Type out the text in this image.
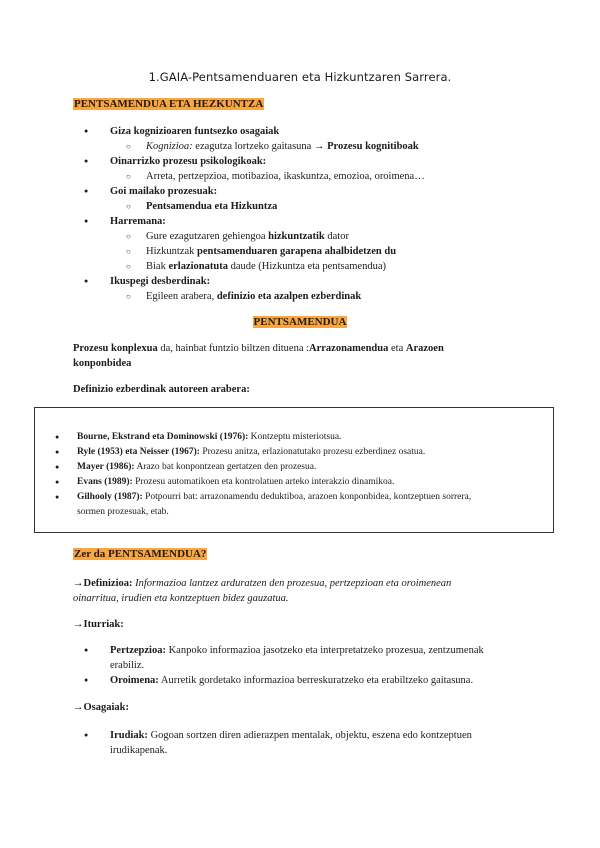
1.GAIA-Pentsamenduaren eta Hizkuntzaren Sarrera.
PENTSAMENDUA ETA HEZKUNTZA
● Giza kognizioaren funtsezko osagaiak
○ Kognizioa: ezagutza lortzeko gaitasuna → Prozesu kognitiboak
● Oinarrizko prozesu psikologikoak:
○ Arreta, pertzepzioa, motibazioa, ikaskuntza, emozioa, oroimena…
● Goi mailako prozesuak:
○ Pentsamendua eta Hizkuntza
● Harremana:
○ Gure ezagutzaren gehiengoa hizkuntzatik dator
○ Hizkuntzak pentsamenduaren garapena ahalbidetzen du
○ Biak erlazionatuta daude (Hizkuntza eta pentsamendua)
● Ikuspegi desberdinak:
○ Egileen arabera, definizio eta azalpen ezberdinak
PENTSAMENDUA
Prozesu konplexua da, hainbat funtzio biltzen dituena :Arrazonamendua eta Arazoen
konponbidea
Definizio ezberdinak autoreen arabera:
● Bourne, Ekstrand eta Dominowski (1976): Kontzeptu misteriotsua.
● Ryle (1953) eta Neisser (1967): Prozesu anitza, erlazionatutako prozesu ezberdinez osatua.
● Mayer (1986): Arazo bat konpontzean gertatzen den prozesua.
● Evans (1989): Prozesu automatikoen eta kontrolatuen arteko interakzio dinamikoa.
● Gilhooly (1987): Potpourri bat: arrazonamendu deduktiboa, arazoen konponbidea, kontzeptuen sorrera,
sormen prozesuak, etab.
Zer da PENTSAMENDUA?
→Definizioa: Informazioa lantzez arduratzen den prozesua, pertzepzioan eta oroimenean
oinarritua, irudien eta kontzeptuen bidez gauzatua.
→Iturriak:
● Pertzepzioa: Kanpoko informazioa jasotzeko eta interpretatzeko prozesua, zentzumenak
erabiliz.
● Oroimena: Aurretik gordetako informazioa berreskuratzeko eta erabiltzeko gaitasuna.
→Osagaiak:
● Irudiak: Gogoan sortzen diren adierazpen mentalak, objektu, eszena edo kontzeptuen
irudikapenak.
